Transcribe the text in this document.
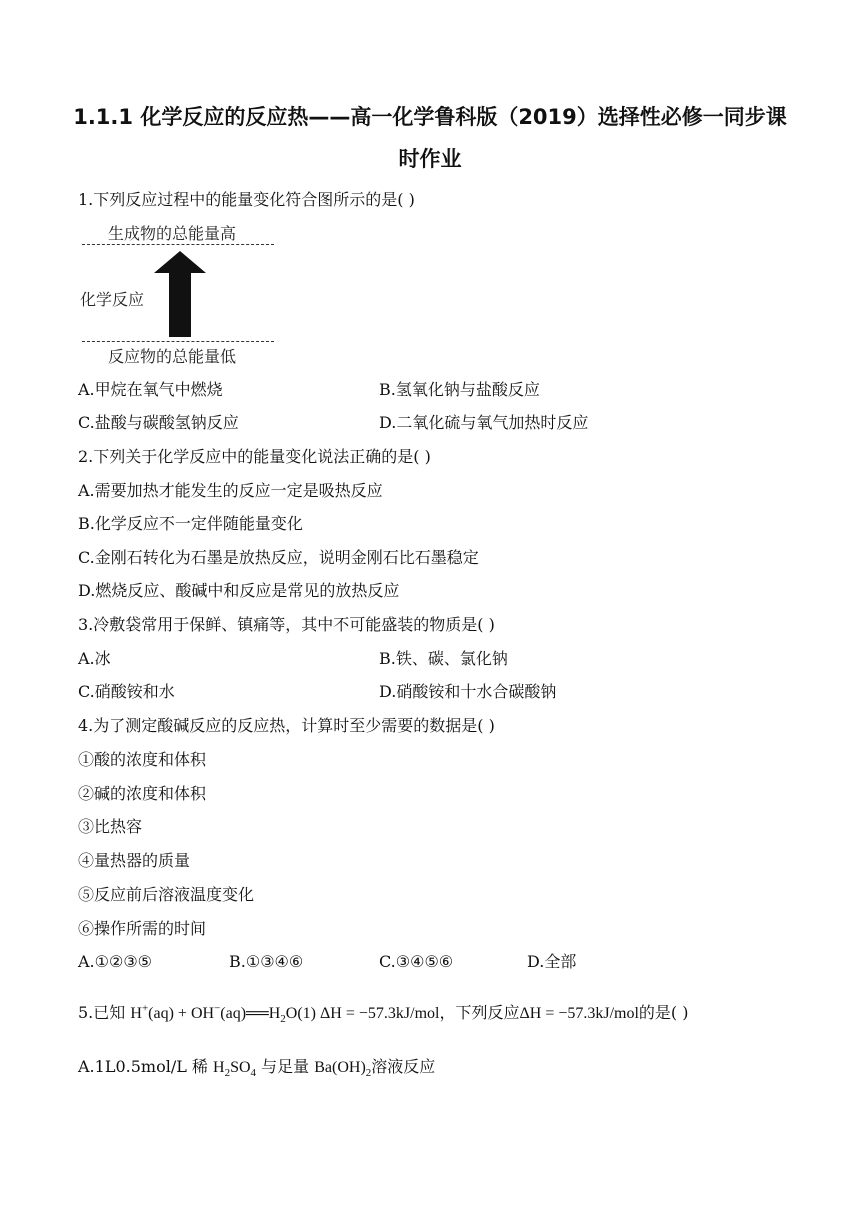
1.1.1 化学反应的反应热——高一化学鲁科版（2019）选择性必修一同步课
时作业
1.下列反应过程中的能量变化符合图所示的是( )
生成物的总能量高
化学反应
反应物的总能量低
A.甲烷在氧气中燃烧	B.氢氧化钠与盐酸反应
C.盐酸与碳酸氢钠反应	D.二氧化硫与氧气加热时反应
2.下列关于化学反应中的能量变化说法正确的是( )
A.需要加热才能发生的反应一定是吸热反应
B.化学反应不一定伴随能量变化
C.金刚石转化为石墨是放热反应，说明金刚石比石墨稳定
D.燃烧反应、酸碱中和反应是常见的放热反应
3.冷敷袋常用于保鲜、镇痛等，其中不可能盛装的物质是( )
A.冰	B.铁、碳、氯化钠
C.硝酸铵和水	D.硝酸铵和十水合碳酸钠
4.为了测定酸碱反应的反应热，计算时至少需要的数据是( )
①酸的浓度和体积
②碱的浓度和体积
③比热容
④量热器的质量
⑤反应前后溶液温度变化
⑥操作所需的时间
A.①②③⑤	B.①③④⑥	C.③④⑤⑥	D.全部
5.已知 $H^+(aq) + OH^-(aq)══H_2O(1) \Delta H = -57.3kJ/mol$，下列反应ΔH = −57.3kJ/mol的是( )
A.1L0.5mol/L 稀 $H_2SO_4$ 与足量 $Ba(OH)_2$溶液反应
